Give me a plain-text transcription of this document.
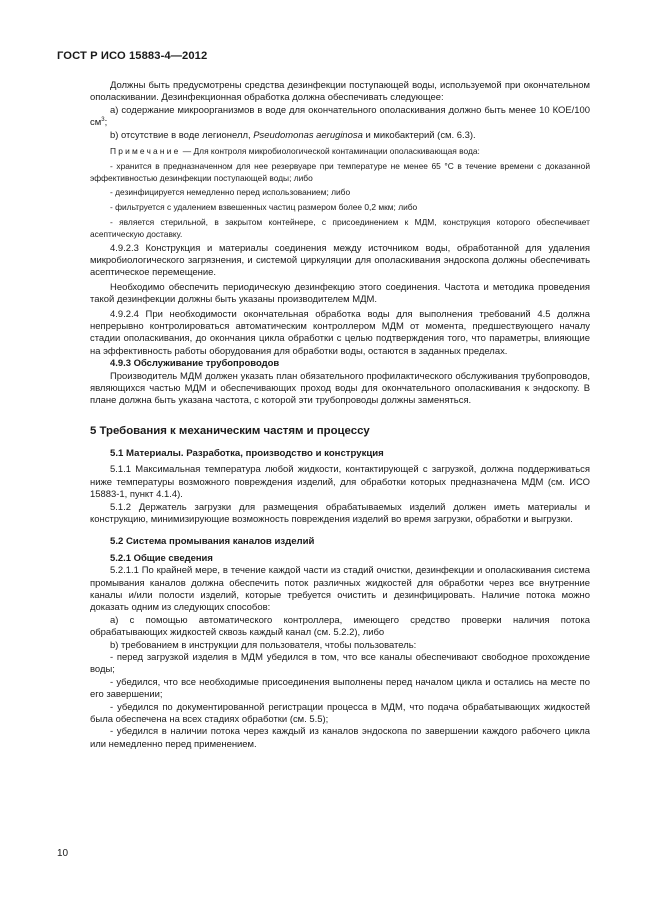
ГОСТ Р ИСО 15883-4—2012

Должны быть предусмотрены средства дезинфекции поступающей воды, используемой при окончательном ополаскивании. Дезинфекционная обработка должна обеспечивать следующее:

а) содержание микроорганизмов в воде для окончательного ополаскивания должно быть менее 10 КОЕ/100 $см^3$;

b) отсутствие в воде легионелл, Pseudomonas aeruginosa и микобактерий (см. 6.3).

Примечание — Для контроля микробиологической контаминации ополаскивающая вода:

- хранится в предназначенном для нее резервуаре при температуре не менее 65 °С в течение времени с доказанной эффективностью дезинфекции поступающей воды; либо

- дезинфицируется немедленно перед использованием; либо

- фильтруется с удалением взвешенных частиц размером более 0,2 мкм; либо

- является стерильной, в закрытом контейнере, с присоединением к МДМ, конструкция которого обеспечивает асептическую доставку.

4.9.2.3 Конструкция и материалы соединения между источником воды, обработанной для удаления микробиологического загрязнения, и системой циркуляции для ополаскивания эндоскопа должны обеспечивать асептическое перемещение.

Необходимо обеспечить периодическую дезинфекцию этого соединения. Частота и методика проведения такой дезинфекции должны быть указаны производителем МДМ.

4.9.2.4 При необходимости окончательная обработка воды для выполнения требований 4.5 должна непрерывно контролироваться автоматическим контроллером МДМ от момента, предшествующего началу стадии ополаскивания, до окончания цикла обработки с целью подтверждения того, что параметры, влияющие на эффективность работы оборудования для обработки воды, остаются в заданных пределах.

4.9.3 Обслуживание трубопроводов

Производитель МДМ должен указать план обязательного профилактического обслуживания трубопроводов, являющихся частью МДМ и обеспечивающих проход воды для окончательного ополаскивания к эндоскопу. В плане должна быть указана частота, с которой эти трубопроводы должны заменяться.

5 Требования к механическим частям и процессу
5.1 Материалы. Разработка, производство и конструкция

5.1.1 Максимальная температура любой жидкости, контактирующей с загрузкой, должна поддерживаться ниже температуры возможного повреждения изделий, для обработки которых предназначена МДМ (см. ИСО 15883-1, пункт 4.1.4).

5.1.2 Держатель загрузки для размещения обрабатываемых изделий должен иметь материалы и конструкцию, минимизирующие возможность повреждения изделий во время загрузки, обработки и выгрузки.

5.2 Система промывания каналов изделий

5.2.1 Общие сведения

5.2.1.1 По крайней мере, в течение каждой части из стадий очистки, дезинфекции и ополаскивания система промывания каналов должна обеспечить поток различных жидкостей для обработки через все внутренние каналы и/или полости изделий, которые требуется очистить и дезинфицировать. Наличие потока можно доказать одним из следующих способов:

а) с помощью автоматического контроллера, имеющего средство проверки наличия потока обрабатывающих жидкостей сквозь каждый канал (см. 5.2.2), либо

b) требованием в инструкции для пользователя, чтобы пользователь:

- перед загрузкой изделия в МДМ убедился в том, что все каналы обеспечивают свободное прохождение воды;

- убедился, что все необходимые присоединения выполнены перед началом цикла и остались на месте по его завершении;

- убедился по документированной регистрации процесса в МДМ, что подача обрабатывающих жидкостей была обеспечена на всех стадиях обработки (см. 5.5);

- убедился в наличии потока через каждый из каналов эндоскопа по завершении каждого рабочего цикла или немедленно перед применением.

10
